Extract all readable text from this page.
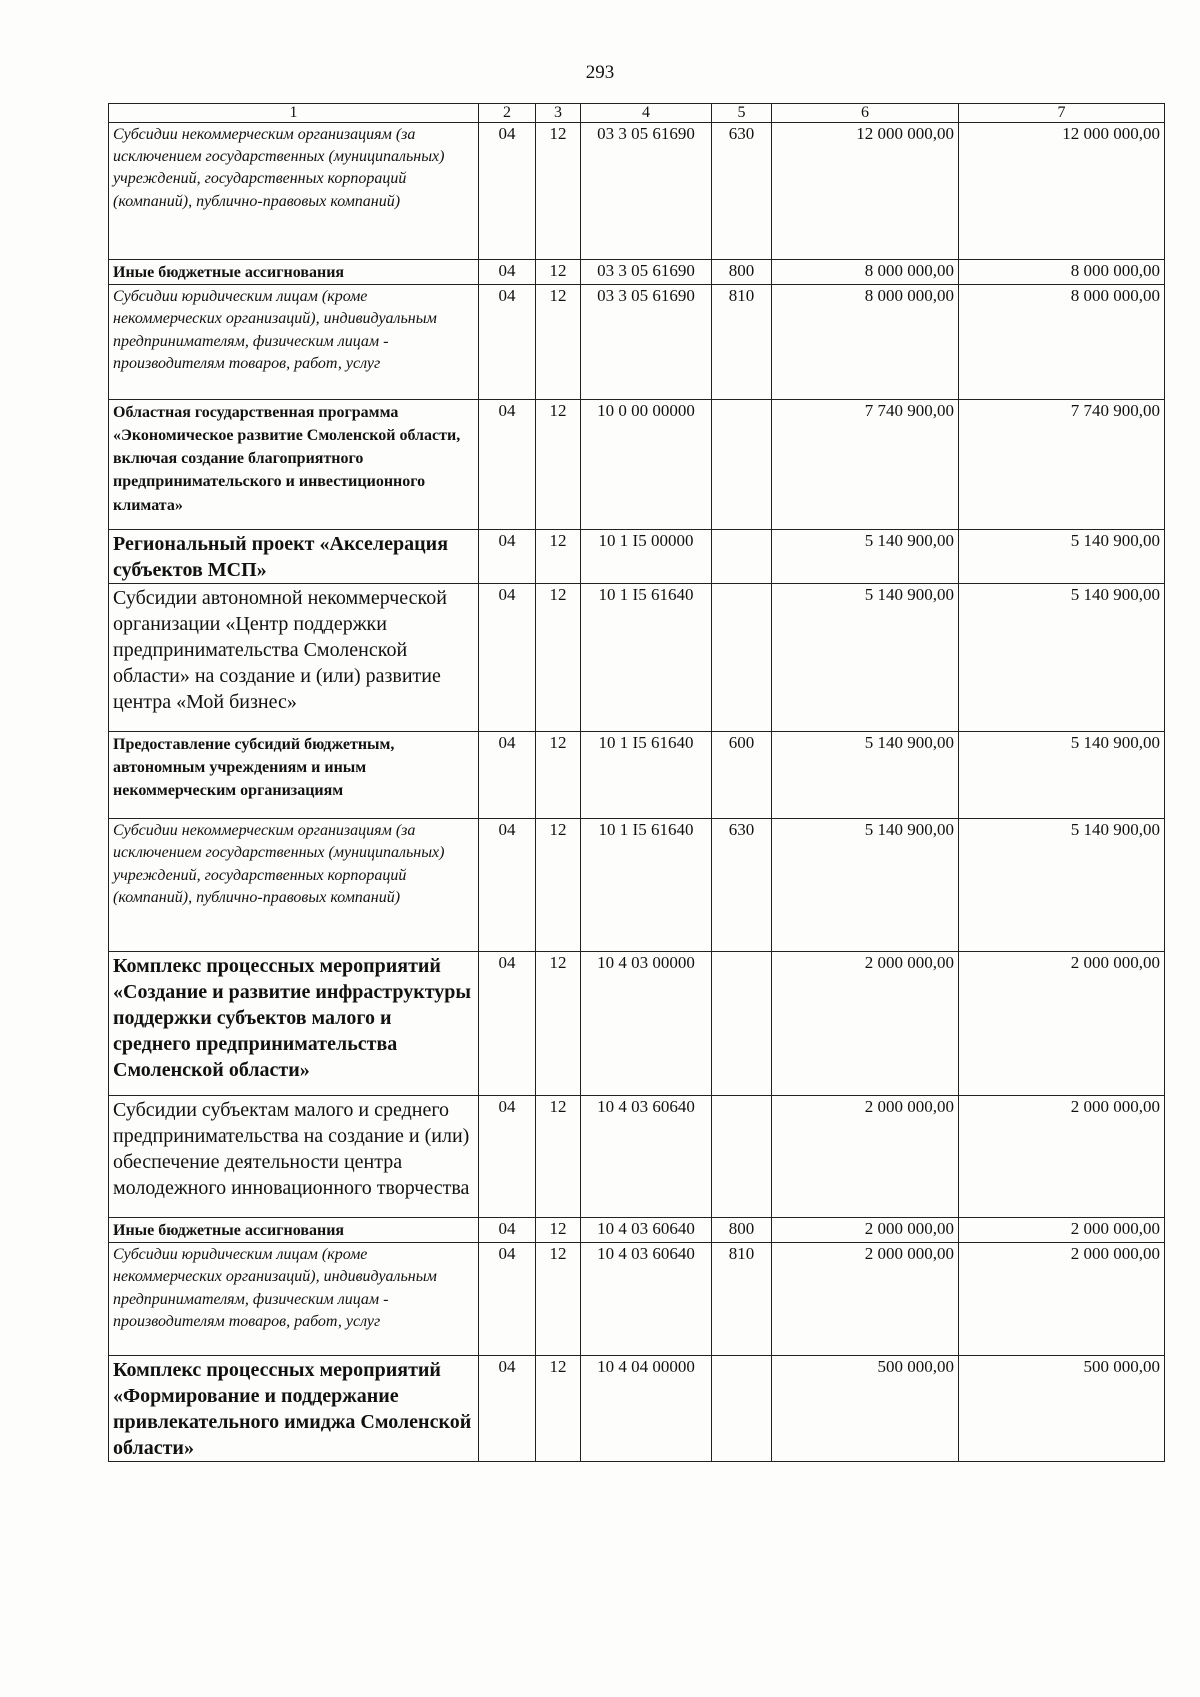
293
1	2	3	4	5	6	7
Субсидии некоммерческим организациям (за исключением государственных (муниципальных) учреждений, государственных корпораций (компаний), публично-правовых компаний)	04	12	03 3 05 61690	630	12 000 000,00	12 000 000,00
Иные бюджетные ассигнования	04	12	03 3 05 61690	800	8 000 000,00	8 000 000,00
Субсидии юридическим лицам (кроме некоммерческих организаций), индивидуальным предпринимателям, физическим лицам - производителям товаров, работ, услуг	04	12	03 3 05 61690	810	8 000 000,00	8 000 000,00
Областная государственная программа «Экономическое развитие Смоленской области, включая создание благоприятного предпринимательского и инвестиционного климата»	04	12	10 0 00 00000		7 740 900,00	7 740 900,00
Региональный проект «Акселерация субъектов МСП»	04	12	10 1 I5 00000		5 140 900,00	5 140 900,00
Субсидии автономной некоммерческой организации «Центр поддержки предпринимательства Смоленской области» на создание и (или) развитие центра «Мой бизнес»	04	12	10 1 I5 61640		5 140 900,00	5 140 900,00
Предоставление субсидий бюджетным, автономным учреждениям и иным некоммерческим организациям	04	12	10 1 I5 61640	600	5 140 900,00	5 140 900,00
Субсидии некоммерческим организациям (за исключением государственных (муниципальных) учреждений, государственных корпораций (компаний), публично-правовых компаний)	04	12	10 1 I5 61640	630	5 140 900,00	5 140 900,00
Комплекс процессных мероприятий «Создание и развитие инфраструктуры поддержки субъектов малого и среднего предпринимательства Смоленской области»	04	12	10 4 03 00000		2 000 000,00	2 000 000,00
Субсидии субъектам малого и среднего предпринимательства на создание и (или) обеспечение деятельности центра молодежного инновационного творчества	04	12	10 4 03 60640		2 000 000,00	2 000 000,00
Иные бюджетные ассигнования	04	12	10 4 03 60640	800	2 000 000,00	2 000 000,00
Субсидии юридическим лицам (кроме некоммерческих организаций), индивидуальным предпринимателям, физическим лицам - производителям товаров, работ, услуг	04	12	10 4 03 60640	810	2 000 000,00	2 000 000,00
Комплекс процессных мероприятий «Формирование и поддержание привлекательного имиджа Смоленской области»	04	12	10 4 04 00000		500 000,00	500 000,00
